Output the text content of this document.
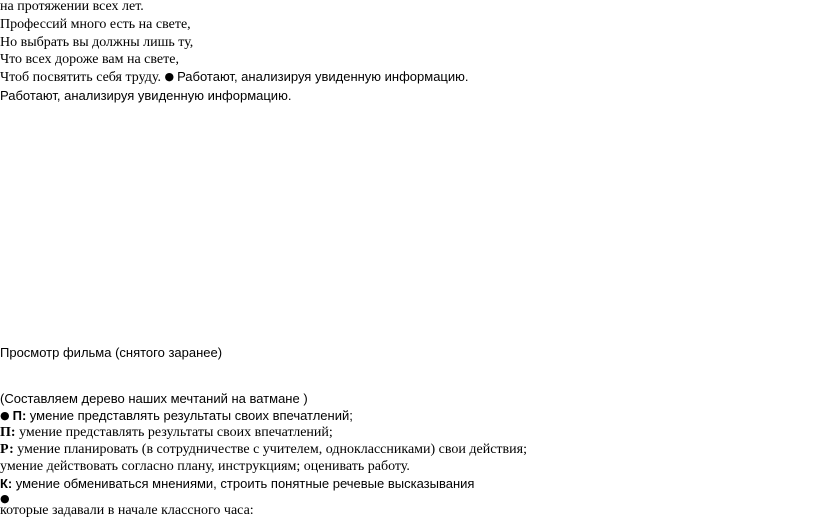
на протяжении всех лет.

Профессий много есть на свете,

Но выбрать вы должны лишь ту,

Что всех дороже вам на свете,

Чтоб посвятить себя труду. ● Работают, анализируя увиденную информацию.

Работают, анализируя увиденную информацию.

Просмотр фильма (снятого заранее)

(Составляем дерево наших мечтаний на ватмане )

● П: умение представлять результаты своих впечатлений;

П: умение представлять результаты своих впечатлений;

Р: умение планировать (в сотрудничестве с учителем, одноклассниками) свои действия;

умение действовать согласно плану, инструкциям; оценивать работу.

К: умение обмениваться мнениями, строить понятные речевые высказывания

●

которые задавали в начале классного часа:
